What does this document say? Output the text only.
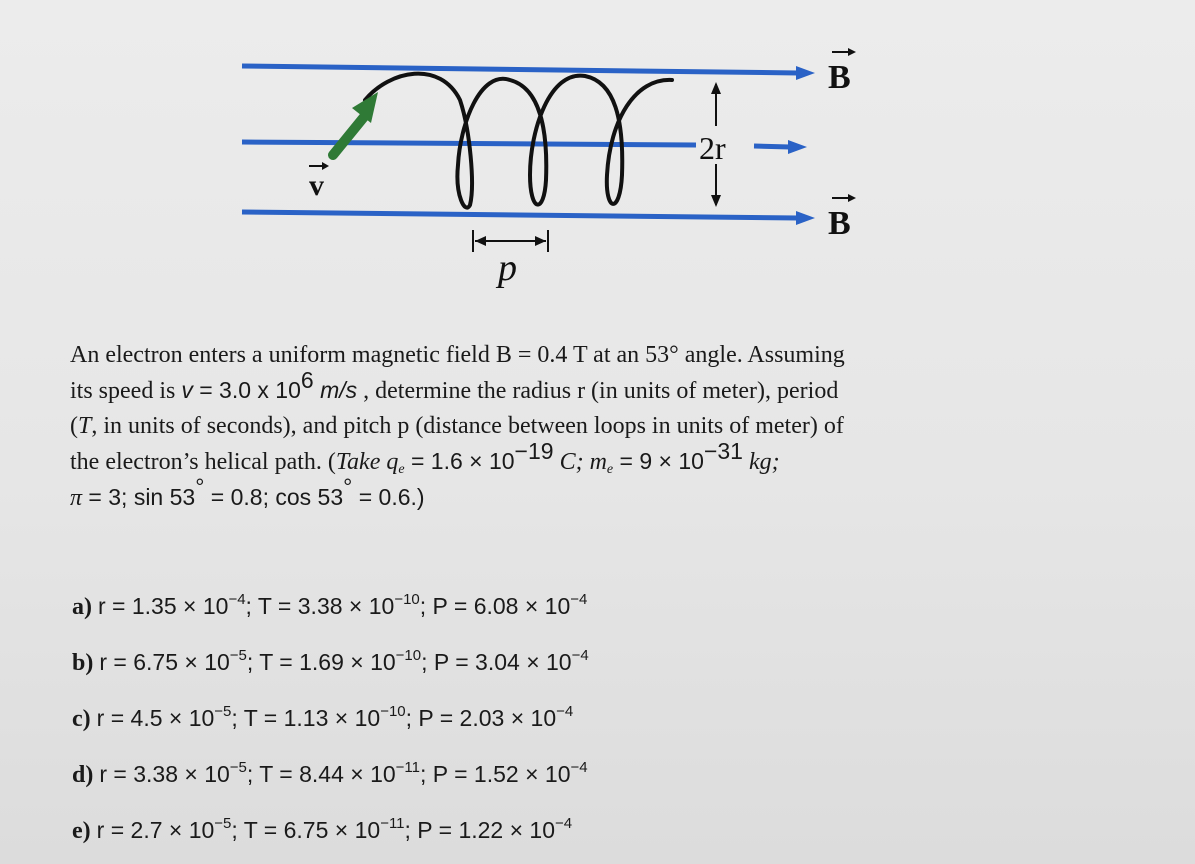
v
2r
p
B
B
An electron enters a uniform magnetic field B = 0.4 T at an 53° angle. Assuming
its speed is v = 3.0 x $10^6$ m/s , determine the radius r (in units of meter), period
(T, in units of seconds), and pitch p (distance between loops in units of meter) of
the electron’s helical path. (Take $q_e = 1.6 \times 10^{-19}$ C; $m_e = 9 \times 10^{-31}$ kg;
π = 3; sin 53° = 0.8; cos 53° = 0.6.)
a) $r = 1.35 \times 10^{-4}$; $T = 3.38 \times 10^{-10}$; $P = 6.08 \times 10^{-4}$
b) $r = 6.75 \times 10^{-5}$; $T = 1.69 \times 10^{-10}$; $P = 3.04 \times 10^{-4}$
c) $r = 4.5 \times 10^{-5}$; $T = 1.13 \times 10^{-10}$; $P = 2.03 \times 10^{-4}$
d) $r = 3.38 \times 10^{-5}$; $T = 8.44 \times 10^{-11}$; $P = 1.52 \times 10^{-4}$
e) $r = 2.7 \times 10^{-5}$; $T = 6.75 \times 10^{-11}$; $P = 1.22 \times 10^{-4}$
